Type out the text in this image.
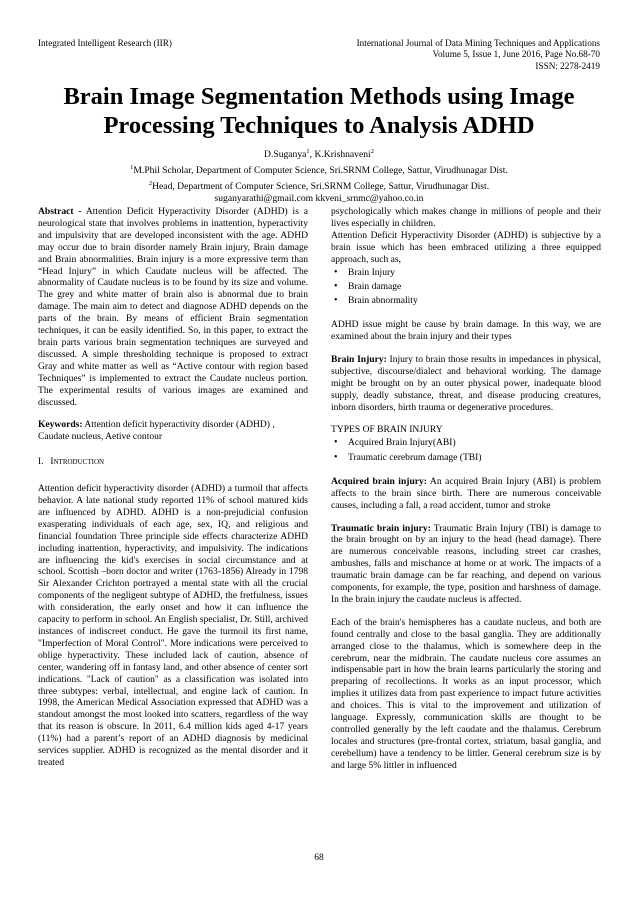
Integrated Intelligent Research (IIR)	International Journal of Data Mining Techniques and Applications
Volume 5, Issue 1, June 2016, Page No.68-70
ISSN: 2278-2419
Brain Image Segmentation Methods using Image Processing Techniques to Analysis ADHD
D.Suganya$^1$, K.Krishnaveni$^2$
$^1$M.Phil Scholar, Department of Computer Science, Sri.SRNM College, Sattur, Virudhunagar Dist.
$^2$Head, Department of Computer Science, Sri.SRNM College, Sattur, Virudhunagar Dist.
suganyarathi@gmail.com kkveni_srnmc@yahoo.co.in

Abstract - Attention Deficit Hyperactivity Disorder (ADHD) is a neurological state that involves problems in inattention, hyperactivity and impulsivity that are developed inconsistent with the age. ADHD may occur due to brain disorder namely Brain injury, Brain damage and Brain abnormalities. Brain injury is a more expressive term than “Head Injury” in which Caudate nucleus will be affected. The abnormality of Caudate nucleus is to be found by its size and volume. The grey and white matter of brain also is abnormal due to brain damage. The main aim to detect and diagnose ADHD depends on the parts of the brain. By means of efficient Brain segmentation techniques, it can be easily identified. So, in this paper, to extract the brain parts various brain segmentation techniques are surveyed and discussed. A simple thresholding technique is proposed to extract Gray and white matter as well as “Active contour with region based Techniques” is implemented to extract the Caudate nucleus portion. The experimental results of various images are examined and discussed.

Keywords: Attention deficit hyperactivity disorder (ADHD) , Caudate nucleus, Aetive contour

I. Introduction

Attention deficit hyperactivity disorder (ADHD) a turmoil that affects behavior. A late national study reported 11% of school matured kids are influenced by ADHD. ADHD is a non-prejudicial confusion exasperating individuals of each age, sex, IQ, and religious and financial foundation Three principle side effects characterize ADHD including inattention, hyperactivity, and impulsivity. The indications are influencing the kid's exercises in social circumstance and at school. Scottish –born doctor and writer (1763-1856) Already in 1798 Sir Alexander Crichton portrayed a mental state with all the crucial components of the negligent subtype of ADHD, the fretfulness, issues with consideration, the early onset and how it can influence the capacity to perform in school. An English specialist, Dr. Still, archived instances of indiscreet conduct. He gave the turmoil its first name, "Imperfection of Moral Control". More indications were perceived to oblige hyperactivity. These included lack of caution, absence of center, wandering off in fantasy land, and other absence of center sort indications. "Lack of caution" as a classification was isolated into three subtypes: verbal, intellectual, and engine lack of caution. In 1998, the American Medical Association expressed that ADHD was a standout amongst the most looked into scatters, regardless of the way that its reason is obscure. In 2011, 6.4 million kids aged 4-17 years (11%) had a parent’s report of an ADHD diagnosis by medicinal services supplier. ADHD is recognized as the mental disorder and it treated

psychologically which makes change in millions of people and their lives especially in children.

Attention Deficit Hyperactivity Disorder (ADHD) is subjective by a brain issue which has been embraced utilizing a three equipped approach, such as,

• Brain Injury
• Brain damage
• Brain abnormality

ADHD issue might be cause by brain damage. In this way, we are examined about the brain injury and their types

Brain Injury: Injury to brain those results in impedances in physical, subjective, discourse/dialect and behavioral working. The damage might be brought on by an outer physical power, inadequate blood supply, deadly substance, threat, and disease producing creatures, inborn disorders, birth trauma or degenerative procedures.

TYPES OF BRAIN INJURY

• Acquired Brain Injury(ABI)
• Traumatic cerebrum damage (TBI)

Acquired brain injury: An acquired Brain Injury (ABI) is problem affects to the brain since birth. There are numerous conceivable causes, including a fall, a road accident, tumor and stroke

Traumatic brain injury: Traumatic Brain Injury (TBI) is damage to the brain brought on by an injury to the head (head damage). There are numerous conceivable reasons, including street car crashes, ambushes, falls and mischance at home or at work. The impacts of a traumatic brain damage can be far reaching, and depend on various components, for example, the type, position and harshness of damage. In the brain injury the caudate nucleus is affected.

Each of the brain's hemispheres has a caudate nucleus, and both are found centrally and close to the basal ganglia. They are additionally arranged close to the thalamus, which is somewhere deep in the cerebrum, near the midbrain. The caudate nucleus core assumes an indispensable part in how the brain learns particularly the storing and preparing of recollections. It works as an input processor, which implies it utilizes data from past experience to impact future activities and choices. This is vital to the improvement and utilization of language. Expressly, communication skills are thought to be controlled generally by the left caudate and the thalamus. Cerebrum locales and structures (pre-frontal cortex, striatum, basal ganglia, and cerebellum) have a tendency to be littler. General cerebrum size is by and large 5% littler in influenced

68
